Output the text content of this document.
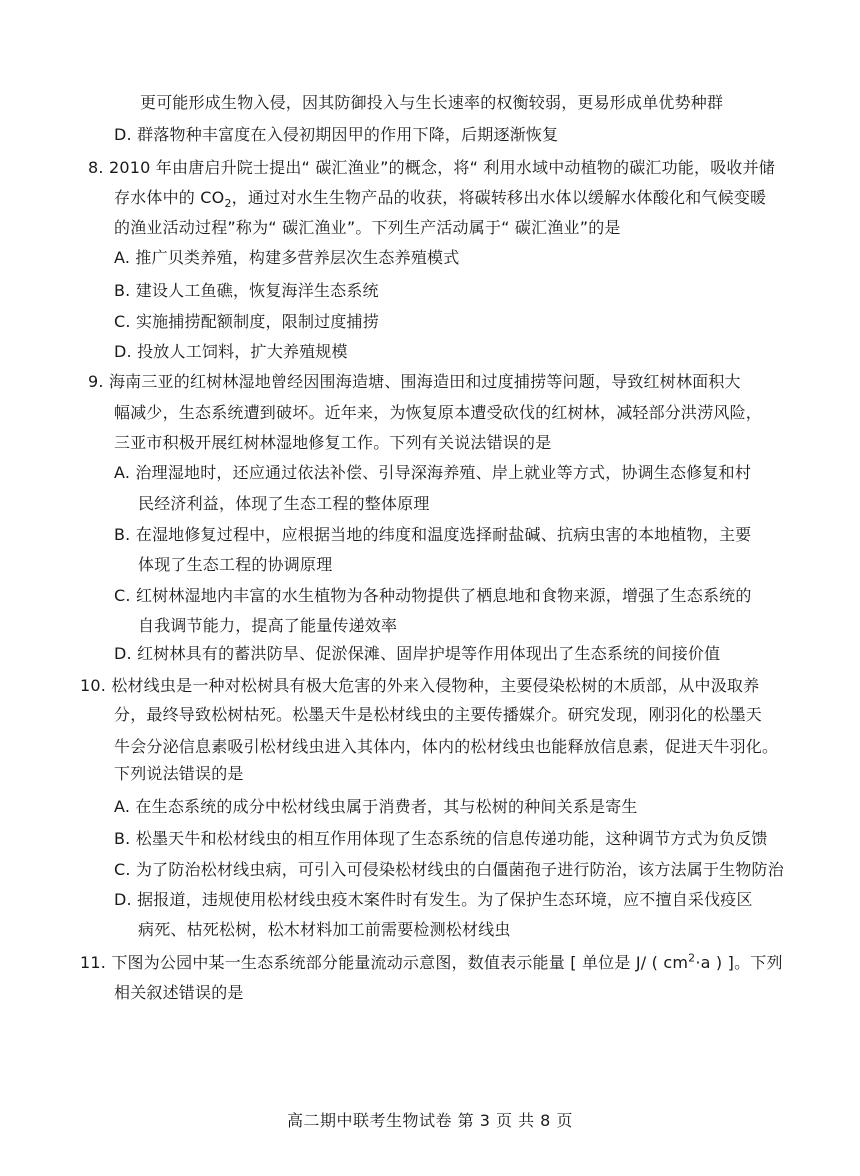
更可能形成生物入侵，因其防御投入与生长速率的权衡较弱，更易形成单优势种群
D. 群落物种丰富度在入侵初期因甲的作用下降，后期逐渐恢复
8. 2010 年由唐启升院士提出“ 碳汇渔业”的概念，将“ 利用水域中动植物的碳汇功能，吸收并储
存水体中的 $CO_2$，通过对水生生物产品的收获，将碳转移出水体以缓解水体酸化和气候变暖
的渔业活动过程”称为“ 碳汇渔业”。下列生产活动属于“ 碳汇渔业”的是
A. 推广贝类养殖，构建多营养层次生态养殖模式
B. 建设人工鱼礁，恢复海洋生态系统
C. 实施捕捞配额制度，限制过度捕捞
D. 投放人工饲料，扩大养殖规模
9. 海南三亚的红树林湿地曾经因围海造塘、围海造田和过度捕捞等问题，导致红树林面积大
幅减少，生态系统遭到破坏。近年来，为恢复原本遭受砍伐的红树林，减轻部分洪涝风险，
三亚市积极开展红树林湿地修复工作。下列有关说法错误的是
A. 治理湿地时，还应通过依法补偿、引导深海养殖、岸上就业等方式，协调生态修复和村
民经济利益，体现了生态工程的整体原理
B. 在湿地修复过程中，应根据当地的纬度和温度选择耐盐碱、抗病虫害的本地植物，主要
体现了生态工程的协调原理
C. 红树林湿地内丰富的水生植物为各种动物提供了栖息地和食物来源，增强了生态系统的
自我调节能力，提高了能量传递效率
D. 红树林具有的蓄洪防旱、促淤保滩、固岸护堤等作用体现出了生态系统的间接价值
10. 松材线虫是一种对松树具有极大危害的外来入侵物种，主要侵染松树的木质部，从中汲取养
分，最终导致松树枯死。松墨天牛是松材线虫的主要传播媒介。研究发现，刚羽化的松墨天
牛会分泌信息素吸引松材线虫进入其体内，体内的松材线虫也能释放信息素，促进天牛羽化。
下列说法错误的是
A. 在生态系统的成分中松材线虫属于消费者，其与松树的种间关系是寄生
B. 松墨天牛和松材线虫的相互作用体现了生态系统的信息传递功能，这种调节方式为负反馈
C. 为了防治松材线虫病，可引入可侵染松材线虫的白僵菌孢子进行防治，该方法属于生物防治
D. 据报道，违规使用松材线虫疫木案件时有发生。为了保护生态环境，应不擅自采伐疫区
病死、枯死松树，松木材料加工前需要检测松材线虫
11. 下图为公园中某一生态系统部分能量流动示意图，数值表示能量 [ 单位是 J/ ( $cm^2\cdot a$ ) ]。下列
相关叙述错误的是
高二期中联考生物试卷 第 3 页 共 8 页
